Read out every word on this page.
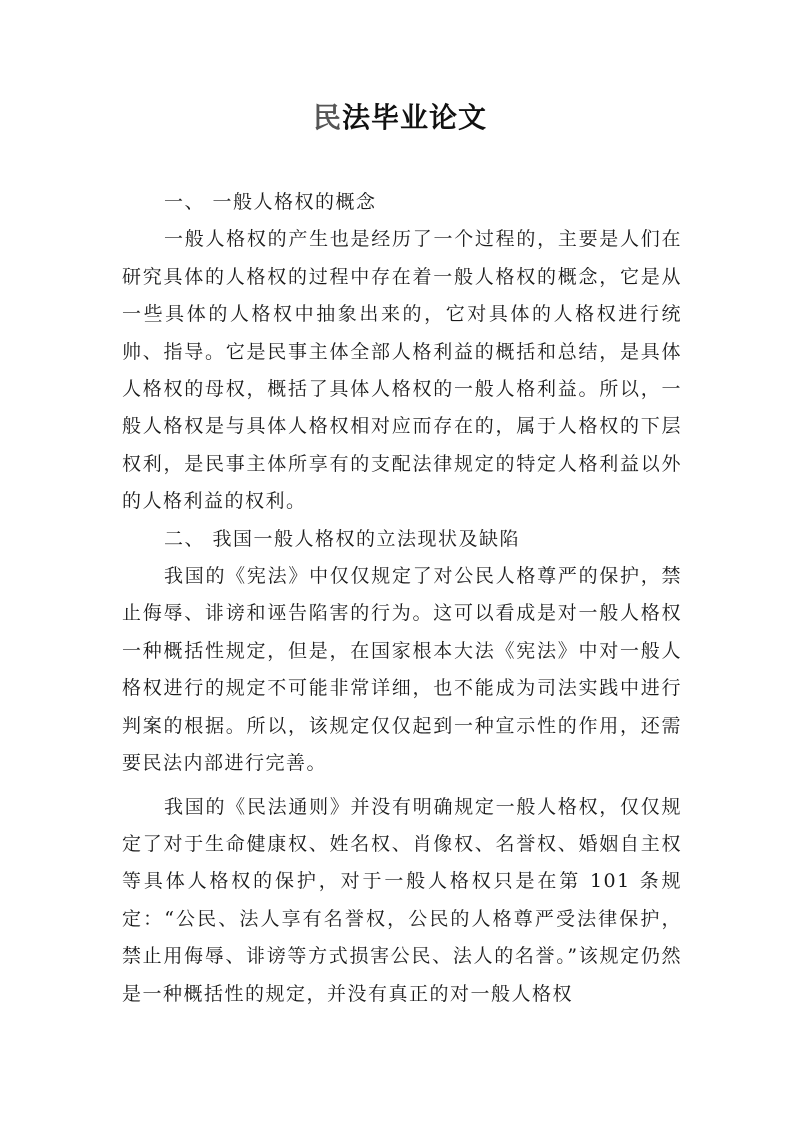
民法毕业论文

一、 一般人格权的概念

一般人格权的产生也是经历了一个过程的，主要是人们在研究具体的人格权的过程中存在着一般人格权的概念，它是从一些具体的人格权中抽象出来的，它对具体的人格权进行统帅、指导。它是民事主体全部人格利益的概括和总结，是具体人格权的母权，概括了具体人格权的一般人格利益。所以，一般人格权是与具体人格权相对应而存在的，属于人格权的下层权利，是民事主体所享有的支配法律规定的特定人格利益以外的人格利益的权利。

二、 我国一般人格权的立法现状及缺陷

我国的《宪法》中仅仅规定了对公民人格尊严的保护，禁止侮辱、诽谤和诬告陷害的行为。这可以看成是对一般人格权一种概括性规定，但是，在国家根本大法《宪法》中对一般人格权进行的规定不可能非常详细，也不能成为司法实践中进行判案的根据。所以，该规定仅仅起到一种宣示性的作用，还需要民法内部进行完善。

我国的《民法通则》并没有明确规定一般人格权，仅仅规定了对于生命健康权、姓名权、肖像权、名誉权、婚姻自主权等具体人格权的保护，对于一般人格权只是在第 101 条规定：“公民、法人享有名誉权，公民的人格尊严受法律保护，禁止用侮辱、诽谤等方式损害公民、法人的名誉。”该规定仍然是一种概括性的规定，并没有真正的对一般人格权
